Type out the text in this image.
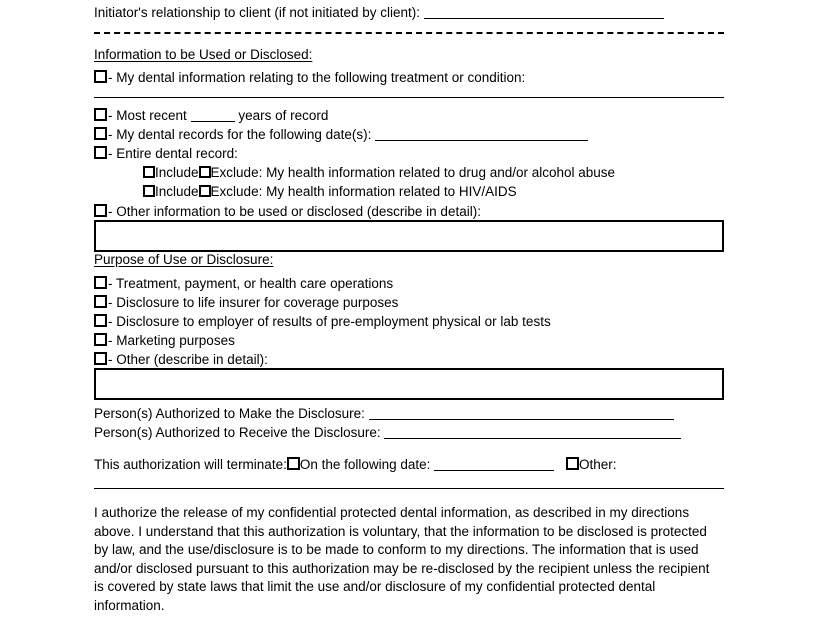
Initiator's relationship to client (if not initiated by client):
Information to be Used or Disclosed:
- My dental information relating to the following treatment or condition:
- Most recent	years of record
- My dental records for the following date(s):
- Entire dental record:
Include Exclude: My health information related to drug and/or alcohol abuse
Include Exclude: My health information related to HIV/AIDS
- Other information to be used or disclosed (describe in detail):
Purpose of Use or Disclosure:
- Treatment, payment, or health care operations
- Disclosure to life insurer for coverage purposes
- Disclosure to employer of results of pre-employment physical or lab tests
- Marketing purposes
- Other (describe in detail):
Person(s) Authorized to Make the Disclosure:
Person(s) Authorized to Receive the Disclosure:
This authorization will terminate: On the following date:	Other:
I authorize the release of my confidential protected dental information, as described in my directions above. I understand that this authorization is voluntary, that the information to be disclosed is protected by law, and the use/disclosure is to be made to conform to my directions. The information that is used and/or disclosed pursuant to this authorization may be re-disclosed by the recipient unless the recipient is covered by state laws that limit the use and/or disclosure of my confidential protected dental information.
